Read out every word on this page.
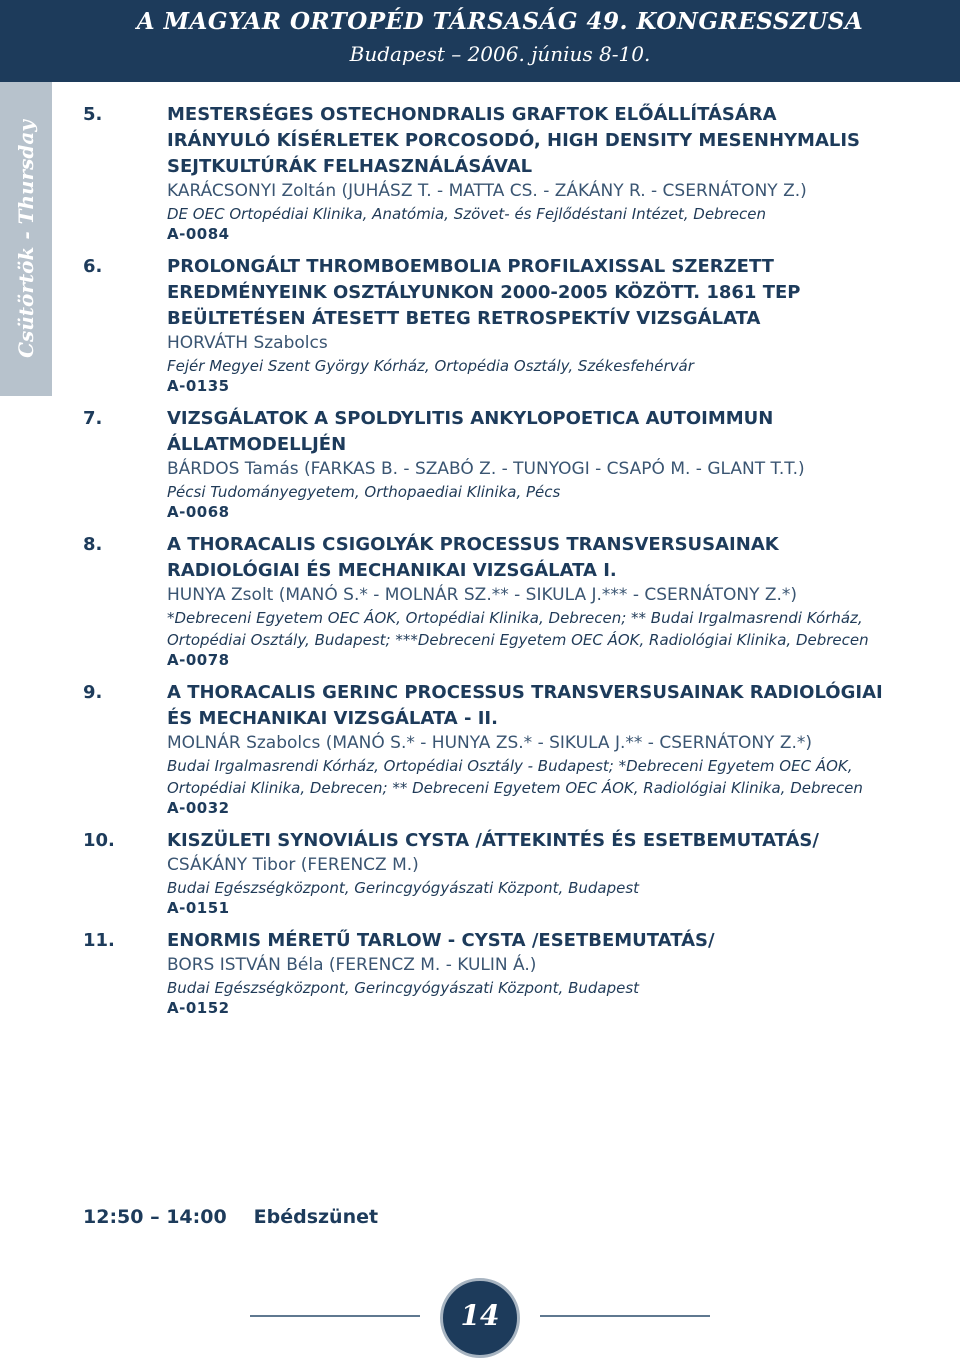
A MAGYAR ORTOPÉD TÁRSASÁG 49. KONGRESSZUSA
Budapest – 2006. június 8-10.
Csütörtök - Thursday
5.	MESTERSÉGES OSTECHONDRALIS GRAFTOK ELŐÁLLÍTÁSÁRA IRÁNYULÓ KÍSÉRLETEK PORCOSODÓ, HIGH DENSITY MESENHYMALIS SEJTKULTÚRÁK FELHASZNÁLÁSÁVAL
KARÁCSONYI Zoltán (JUHÁSZ T. - MATTA CS. - ZÁKÁNY R. - CSERNÁTONY Z.)
DE OEC Ortopédiai Klinika, Anatómia, Szövet- és Fejlődéstani Intézet, Debrecen
A-0084
6.	PROLONGÁLT THROMBOEMBOLIA PROFILAXISSAL SZERZETT EREDMÉNYEINK OSZTÁLYUNKON 2000-2005 KÖZÖTT. 1861 TEP BEÜLTETÉSEN ÁTESETT BETEG RETROSPEKTÍV VIZSGÁLATA
HORVÁTH Szabolcs
Fejér Megyei Szent György Kórház, Ortopédia Osztály, Székesfehérvár
A-0135
7.	VIZSGÁLATOK A SPOLDYLITIS ANKYLOPOETICA AUTOIMMUN ÁLLATMODELLJÉN
BÁRDOS Tamás (FARKAS B. - SZABÓ Z. - TUNYOGI - CSAPÓ M. - GLANT T.T.)
Pécsi Tudományegyetem, Orthopaediai Klinika, Pécs
A-0068
8.	A THORACALIS CSIGOLYÁK PROCESSUS TRANSVERSUSAINAK RADIOLÓGIAI ÉS MECHANIKAI VIZSGÁLATA I.
HUNYA Zsolt (MANÓ S.* - MOLNÁR SZ.** - SIKULA J.*** - CSERNÁTONY Z.*)
*Debreceni Egyetem OEC ÁOK, Ortopédiai Klinika, Debrecen; ** Budai Irgalmasrendi Kórház, Ortopédiai Osztály, Budapest; ***Debreceni Egyetem OEC ÁOK, Radiológiai Klinika, Debrecen
A-0078
9.	A THORACALIS GERINC PROCESSUS TRANSVERSUSAINAK RADIOLÓGIAI ÉS MECHANIKAI VIZSGÁLATA - II.
MOLNÁR Szabolcs (MANÓ S.* - HUNYA ZS.* - SIKULA J.** - CSERNÁTONY Z.*)
Budai Irgalmasrendi Kórház, Ortopédiai Osztály - Budapest; *Debreceni Egyetem OEC ÁOK, Ortopédiai Klinika, Debrecen; ** Debreceni Egyetem OEC ÁOK, Radiológiai Klinika, Debrecen
A-0032
10.	KISZÜLETI SYNOVIÁLIS CYSTA /ÁTTEKINTÉS ÉS ESETBEMUTATÁS/
CSÁKÁNY Tibor (FERENCZ M.)
Budai Egészségközpont, Gerincgyógyászati Központ, Budapest
A-0151
11.	ENORMIS MÉRETŰ TARLOW - CYSTA /ESETBEMUTATÁS/
BORS ISTVÁN Béla (FERENCZ M. - KULIN Á.)
Budai Egészségközpont, Gerincgyógyászati Központ, Budapest
A-0152
12:50 – 14:00 Ebédszünet
14
